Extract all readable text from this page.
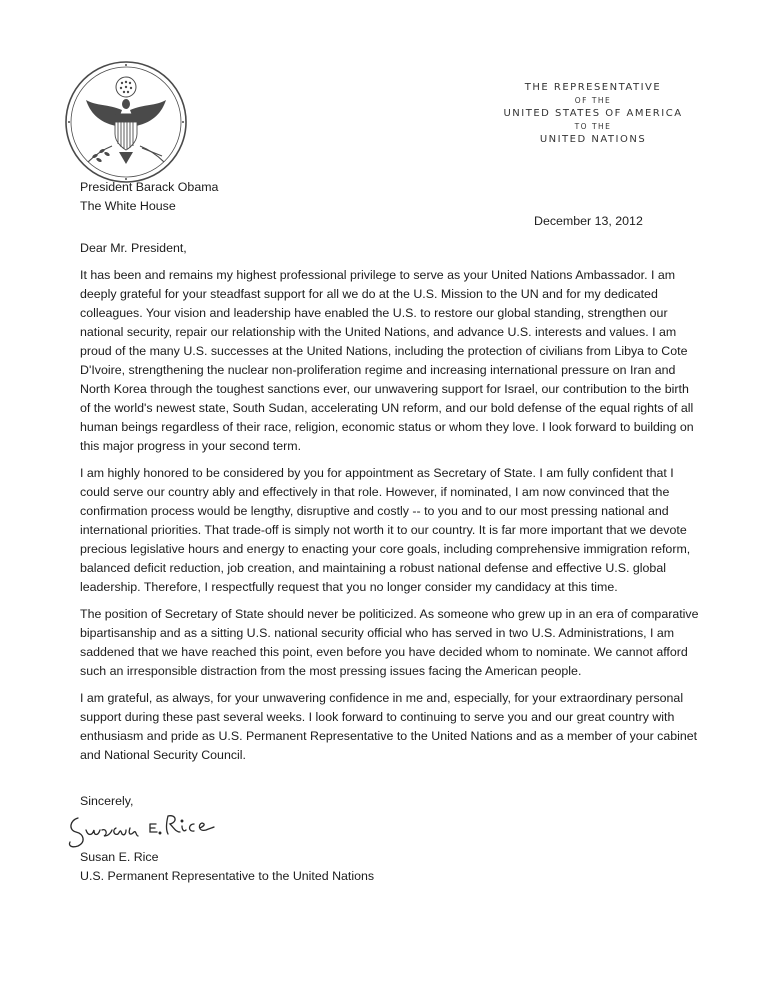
THE REPRESENTATIVE
OF THE
UNITED STATES OF AMERICA
TO THE
UNITED NATIONS
President Barack Obama
The White House
December 13, 2012
Dear Mr. President,

It has been and remains my highest professional privilege to serve as your United Nations Ambassador. I am deeply grateful for your steadfast support for all we do at the U.S. Mission to the UN and for my dedicated colleagues. Your vision and leadership have enabled the U.S. to restore our global standing, strengthen our national security, repair our relationship with the United Nations, and advance U.S. interests and values. I am proud of the many U.S. successes at the United Nations, including the protection of civilians from Libya to Cote D'Ivoire, strengthening the nuclear non-proliferation regime and increasing international pressure on Iran and North Korea through the toughest sanctions ever, our unwavering support for Israel, our contribution to the birth of the world's newest state, South Sudan, accelerating UN reform, and our bold defense of the equal rights of all human beings regardless of their race, religion, economic status or whom they love. I look forward to building on this major progress in your second term.

I am highly honored to be considered by you for appointment as Secretary of State. I am fully confident that I could serve our country ably and effectively in that role. However, if nominated, I am now convinced that the confirmation process would be lengthy, disruptive and costly -- to you and to our most pressing national and international priorities. That trade-off is simply not worth it to our country. It is far more important that we devote precious legislative hours and energy to enacting your core goals, including comprehensive immigration reform, balanced deficit reduction, job creation, and maintaining a robust national defense and effective U.S. global leadership. Therefore, I respectfully request that you no longer consider my candidacy at this time.

The position of Secretary of State should never be politicized. As someone who grew up in an era of comparative bipartisanship and as a sitting U.S. national security official who has served in two U.S. Administrations, I am saddened that we have reached this point, even before you have decided whom to nominate. We cannot afford such an irresponsible distraction from the most pressing issues facing the American people.

I am grateful, as always, for your unwavering confidence in me and, especially, for your extraordinary personal support during these past several weeks. I look forward to continuing to serve you and our great country with enthusiasm and pride as U.S. Permanent Representative to the United Nations and as a member of your cabinet and National Security Council.

Sincerely,
Susan E. Rice
U.S. Permanent Representative to the United Nations
